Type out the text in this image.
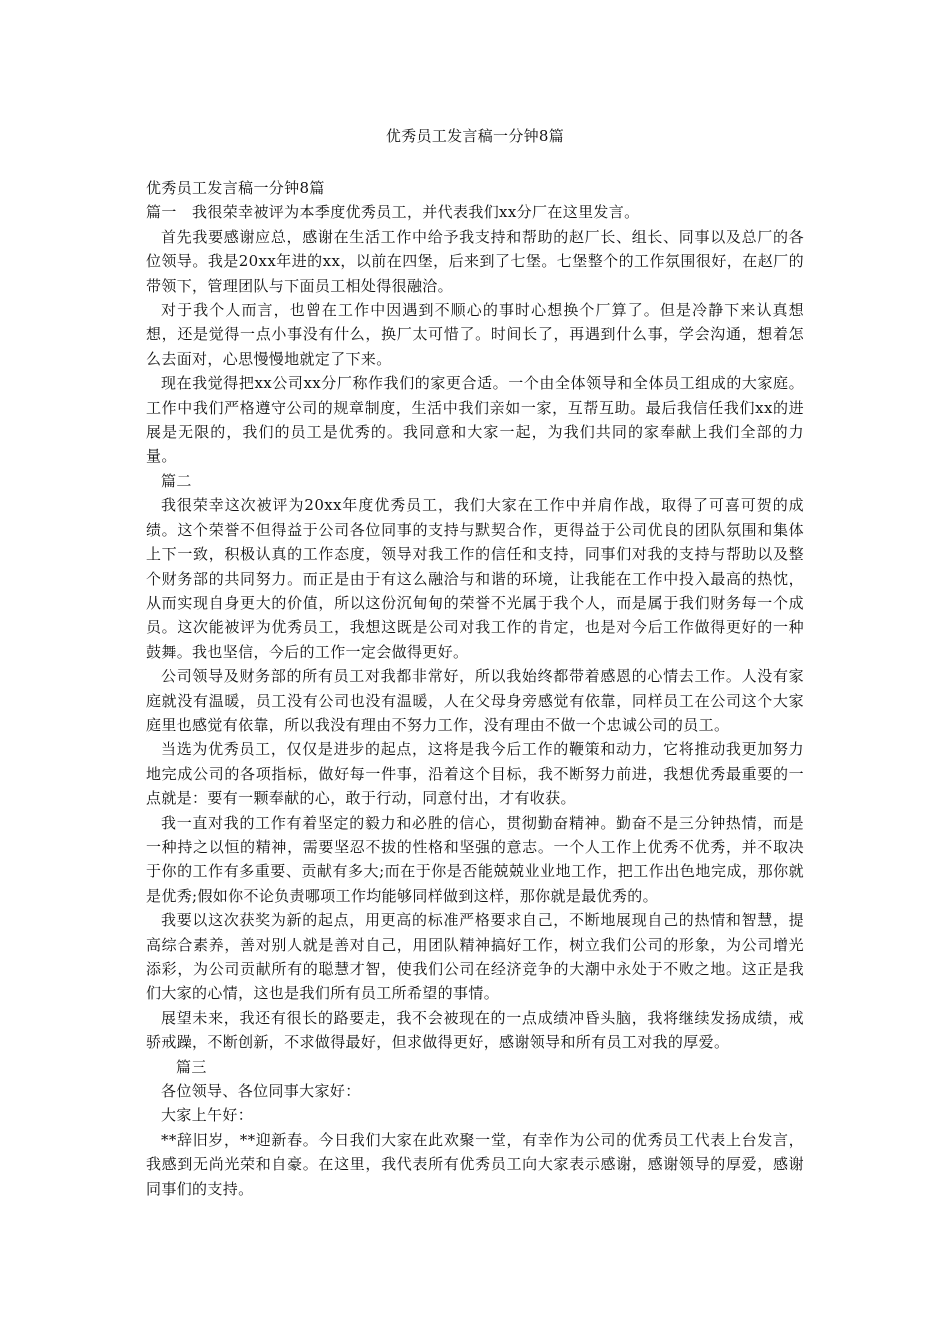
优秀员工发言稿一分钟8篇

优秀员工发言稿一分钟8篇

篇一　我很荣幸被评为本季度优秀员工，并代表我们xx分厂在这里发言。

首先我要感谢应总，感谢在生活工作中给予我支持和帮助的赵厂长、组长、同事以及总厂的各位领导。我是20xx年进的xx，以前在四堡，后来到了七堡。七堡整个的工作氛围很好，在赵厂的带领下，管理团队与下面员工相处得很融洽。

对于我个人而言，也曾在工作中因遇到不顺心的事时心想换个厂算了。但是冷静下来认真想想，还是觉得一点小事没有什么，换厂太可惜了。时间长了，再遇到什么事，学会沟通，想着怎么去面对，心思慢慢地就定了下来。

现在我觉得把xx公司xx分厂称作我们的家更合适。一个由全体领导和全体员工组成的大家庭。工作中我们严格遵守公司的规章制度，生活中我们亲如一家，互帮互助。最后我信任我们xx的进展是无限的，我们的员工是优秀的。我同意和大家一起，为我们共同的家奉献上我们全部的力量。

篇二

我很荣幸这次被评为20xx年度优秀员工，我们大家在工作中并肩作战，取得了可喜可贺的成绩。这个荣誉不但得益于公司各位同事的支持与默契合作，更得益于公司优良的团队氛围和集体上下一致，积极认真的工作态度，领导对我工作的信任和支持，同事们对我的支持与帮助以及整个财务部的共同努力。而正是由于有这么融洽与和谐的环境，让我能在工作中投入最高的热忱，从而实现自身更大的价值，所以这份沉甸甸的荣誉不光属于我个人，而是属于我们财务每一个成员。这次能被评为优秀员工，我想这既是公司对我工作的肯定，也是对今后工作做得更好的一种鼓舞。我也坚信，今后的工作一定会做得更好。

公司领导及财务部的所有员工对我都非常好，所以我始终都带着感恩的心情去工作。人没有家庭就没有温暖，员工没有公司也没有温暖，人在父母身旁感觉有依靠，同样员工在公司这个大家庭里也感觉有依靠，所以我没有理由不努力工作，没有理由不做一个忠诚公司的员工。

当选为优秀员工，仅仅是进步的起点，这将是我今后工作的鞭策和动力，它将推动我更加努力地完成公司的各项指标，做好每一件事，沿着这个目标，我不断努力前进，我想优秀最重要的一点就是：要有一颗奉献的心，敢于行动，同意付出，才有收获。

我一直对我的工作有着坚定的毅力和必胜的信心，贯彻勤奋精神。勤奋不是三分钟热情，而是一种持之以恒的精神，需要坚忍不拔的性格和坚强的意志。一个人工作上优秀不优秀，并不取决于你的工作有多重要、贡献有多大;而在于你是否能兢兢业业地工作，把工作出色地完成，那你就是优秀;假如你不论负责哪项工作均能够同样做到这样，那你就是最优秀的。

我要以这次获奖为新的起点，用更高的标准严格要求自己，不断地展现自己的热情和智慧，提高综合素养，善对别人就是善对自己，用团队精神搞好工作，树立我们公司的形象，为公司增光添彩，为公司贡献所有的聪慧才智，使我们公司在经济竞争的大潮中永处于不败之地。这正是我们大家的心情，这也是我们所有员工所希望的事情。

展望未来，我还有很长的路要走，我不会被现在的一点成绩冲昏头脑，我将继续发扬成绩，戒骄戒躁，不断创新，不求做得最好，但求做得更好，感谢领导和所有员工对我的厚爱。

篇三

各位领导、各位同事大家好：

大家上午好：

**辞旧岁，**迎新春。今日我们大家在此欢聚一堂，有幸作为公司的优秀员工代表上台发言，我感到无尚光荣和自豪。在这里，我代表所有优秀员工向大家表示感谢，感谢领导的厚爱，感谢同事们的支持。
